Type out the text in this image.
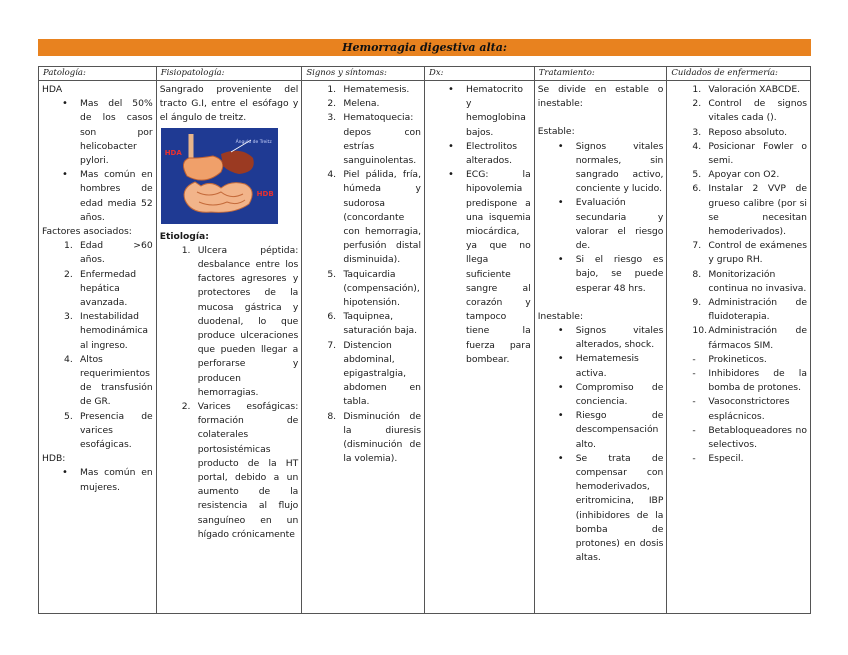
Hemorragia digestiva alta:
Patología:
HDA
• Mas del 50% de los casos son por helicobacter pylori.
• Mas común en hombres de edad media 52 años.
Factores asociados:
1. Edad >60 años.
2. Enfermedad hepática avanzada.
3. Inestabilidad hemodinámica al ingreso.
4. Altos requerimientos de transfusión de GR.
5. Presencia de varices esofágicas.
HDB:
• Mas común en mujeres.
Fisiopatología:
Sangrado proveniente del tracto G.I, entre el esófago y el ángulo de treitz.
HDA
HDB
Ángulo de Treitz
Etiología:
1. Ulcera péptida: desbalance entre los factores agresores y protectores de la mucosa gástrica y duodenal, lo que produce ulceraciones que pueden llegar a perforarse y producen hemorragias.
2. Varices esofágicas: formación de colaterales portosistémicas producto de la HT portal, debido a un aumento de la resistencia al flujo sanguíneo en un hígado crónicamente
Signos y síntomas:
1. Hematemesis.
2. Melena.
3. Hematoquecia: depos con estrías sanguinolentas.
4. Piel pálida, fría, húmeda y sudorosa (concordante con hemorragia, perfusión distal disminuida).
5. Taquicardia (compensación), hipotensión.
6. Taquipnea, saturación baja.
7. Distencion abdominal, epigastralgia, abdomen en tabla.
8. Disminución de la diuresis (disminución de la volemia).
Dx:
• Hematocrito y hemoglobina bajos.
• Electrolitos alterados.
• ECG: la hipovolemia predispone a una isquemia miocárdica, ya que no llega suficiente sangre al corazón y tampoco tiene la fuerza para bombear.
Tratamiento:
Se divide en estable o inestable:
Estable:
• Signos vitales normales, sin sangrado activo, conciente y lucido.
• Evaluación secundaria y valorar el riesgo de.
• Si el riesgo es bajo, se puede esperar 48 hrs.
Inestable:
• Signos vitales alterados, shock.
• Hematemesis activa.
• Compromiso de conciencia.
• Riesgo de descompensación alto.
• Se trata de compensar con hemoderivados, eritromicina, IBP (inhibidores de la bomba de protones) en dosis altas.
Cuidados de enfermería:
1. Valoración XABCDE.
2. Control de signos vitales cada ().
3. Reposo absoluto.
4. Posicionar Fowler o semi.
5. Apoyar con O2.
6. Instalar 2 VVP de grueso calibre (por si se necesitan hemoderivados).
7. Control de exámenes y grupo RH.
8. Monitorización continua no invasiva.
9. Administración de fluidoterapia.
10. Administración de fármacos SIM.
- Prokineticos.
- Inhibidores de la bomba de protones.
- Vasoconstrictores esplácnicos.
- Betabloqueadores no selectivos.
- Especil.
